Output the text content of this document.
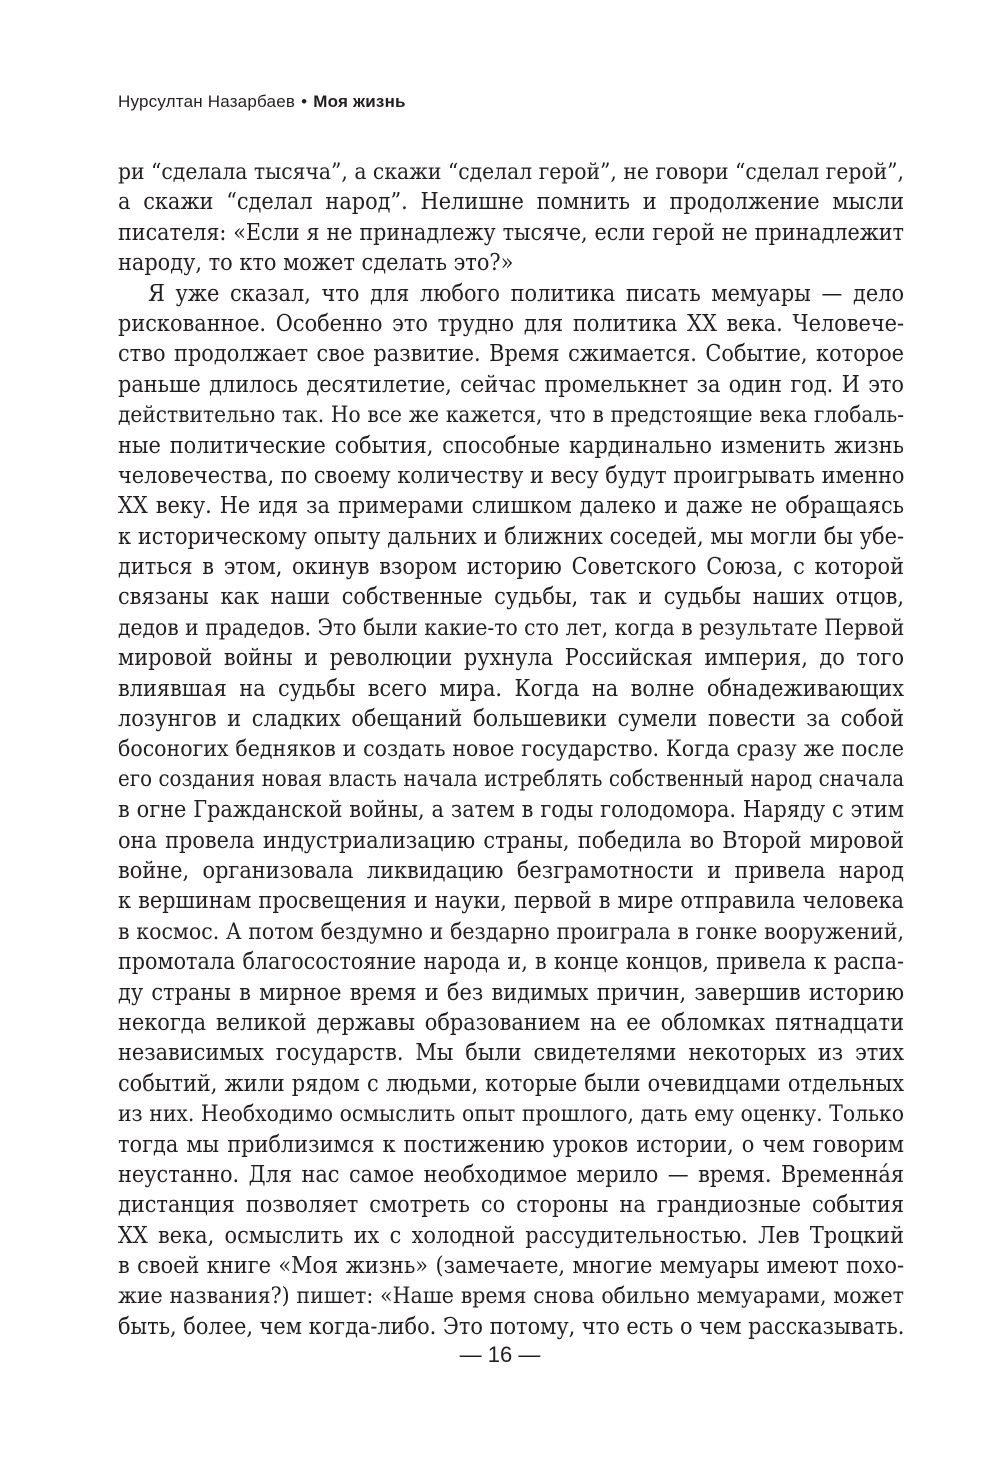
Нурсултан Назарбаев • Моя жизнь
ри “сделала тысяча”, а скажи “сделал герой”, не говори “сделал герой”,
а скажи “сделал народ”. Нелишне помнить и продолжение мысли
писателя: «Если я не принадлежу тысяче, если герой не принадлежит
народу, то кто может сделать это?»
Я уже сказал, что для любого политика писать мемуары — дело
рискованное. Особенно это трудно для политика XX века. Человече-
ство продолжает свое развитие. Время сжимается. Событие, которое
раньше длилось десятилетие, сейчас промелькнет за один год. И это
действительно так. Но все же кажется, что в предстоящие века глобаль-
ные политические события, способные кардинально изменить жизнь
человечества, по своему количеству и весу будут проигрывать именно
XX веку. Не идя за примерами слишком далеко и даже не обращаясь
к историческому опыту дальних и ближних соседей, мы могли бы убе-
диться в этом, окинув взором историю Советского Союза, с которой
связаны как наши собственные судьбы, так и судьбы наших отцов,
дедов и прадедов. Это были какие-то сто лет, когда в результате Первой
мировой войны и революции рухнула Российская империя, до того
влиявшая на судьбы всего мира. Когда на волне обнадеживающих
лозунгов и сладких обещаний большевики сумели повести за собой
босоногих бедняков и создать новое государство. Когда сразу же после
его создания новая власть начала истреблять собственный народ сначала
в огне Гражданской войны, а затем в годы голодомора. Наряду с этим
она провела индустриализацию страны, победила во Второй мировой
войне, организовала ликвидацию безграмотности и привела народ
к вершинам просвещения и науки, первой в мире отправила человека
в космос. А потом бездумно и бездарно проиграла в гонке вооружений,
промотала благосостояние народа и, в конце концов, привела к распа-
ду страны в мирное время и без видимых причин, завершив историю
некогда великой державы образованием на ее обломках пятнадцати
независимых государств. Мы были свидетелями некоторых из этих
событий, жили рядом с людьми, которые были очевидцами отдельных
из них. Необходимо осмыслить опыт прошлого, дать ему оценку. Только
тогда мы приблизимся к постижению уроков истории, о чем говорим
неустанно. Для нас самое необходимое мерило — время. Временна́я
дистанция позволяет смотреть со стороны на грандиозные события
XX века, осмыслить их с холодной рассудительностью. Лев Троцкий
в своей книге «Моя жизнь» (замечаете, многие мемуары имеют похо-
жие названия?) пишет: «Наше время снова обильно мемуарами, может
быть, более, чем когда-либо. Это потому, что есть о чем рассказывать.
— 16 —
